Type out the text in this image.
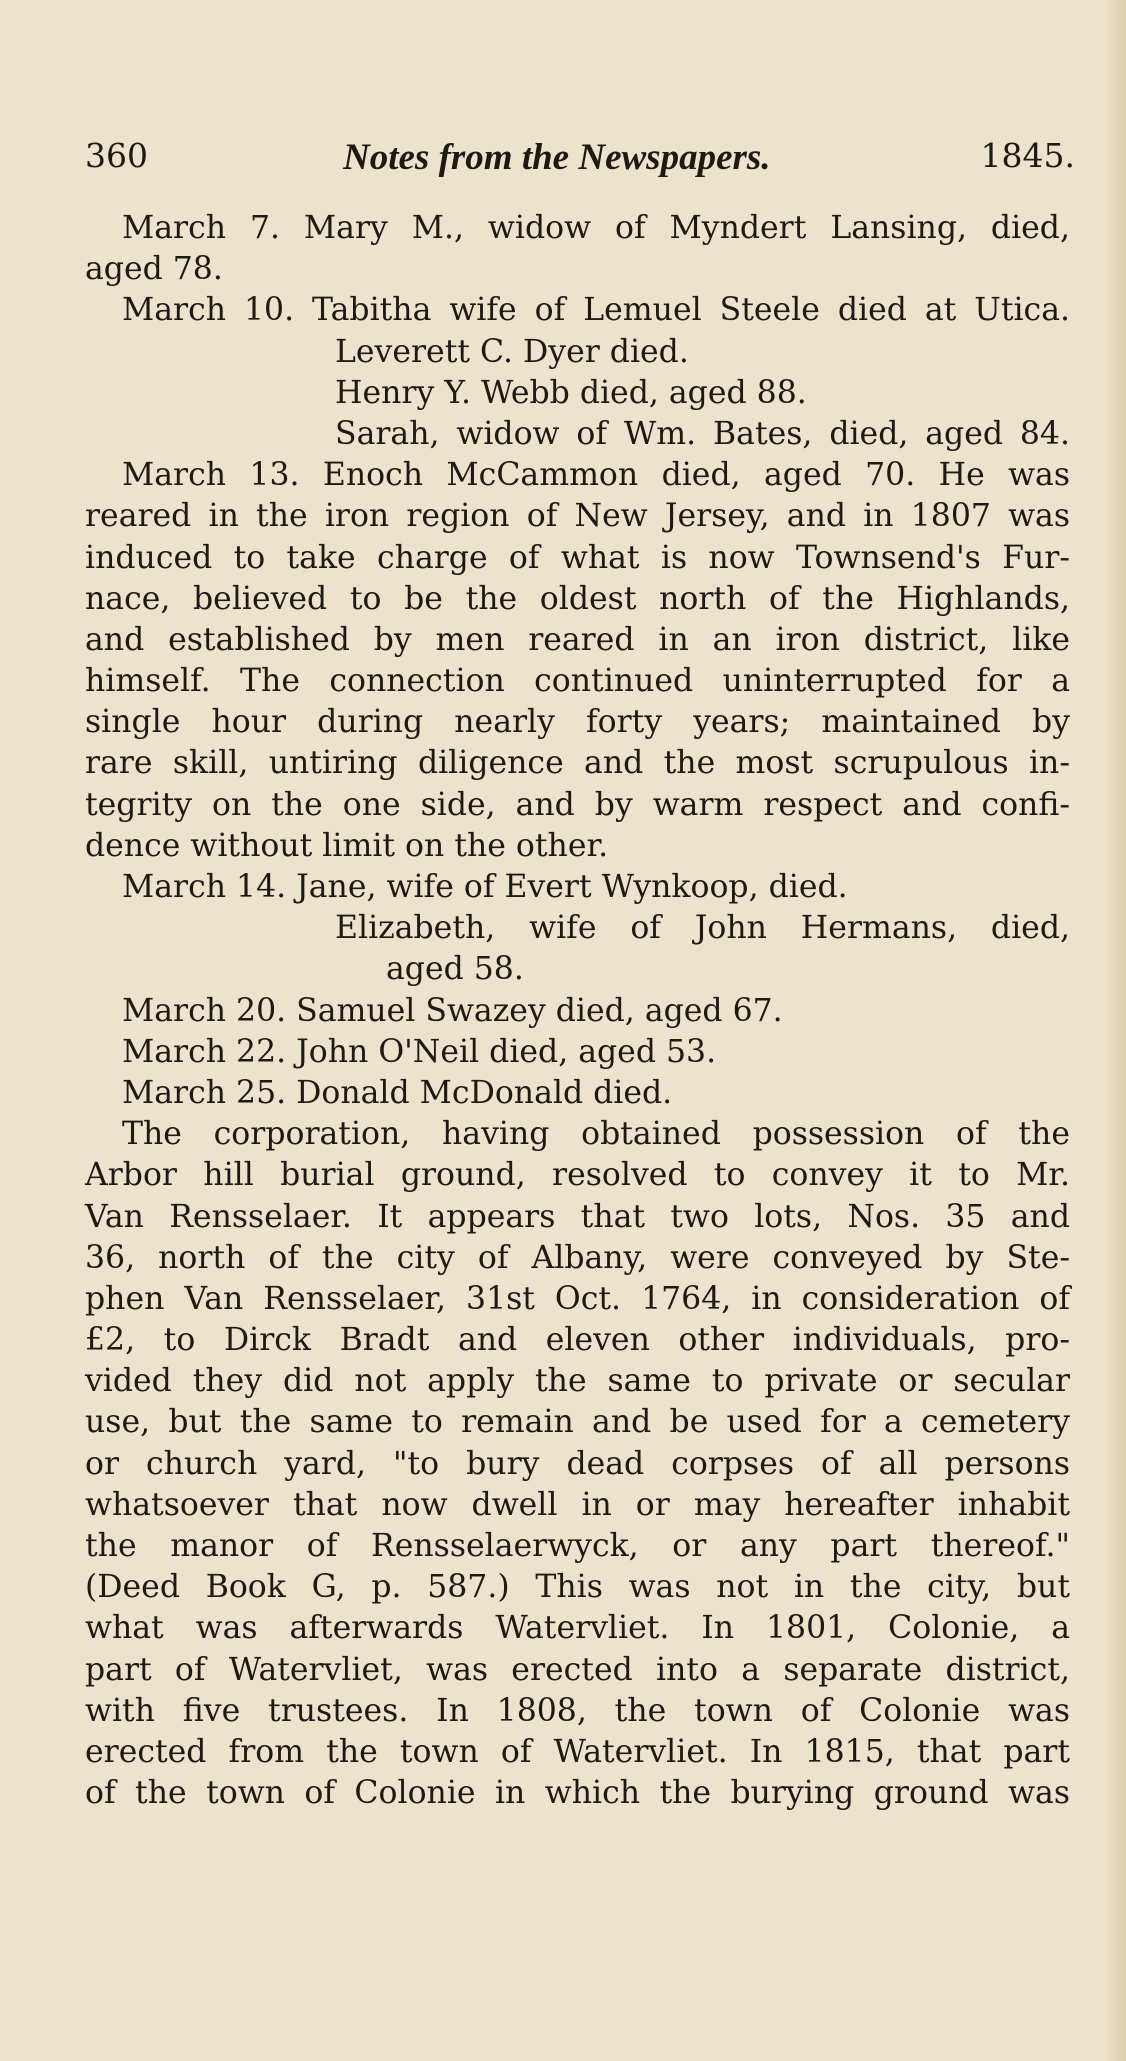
360	Notes from the Newspapers.	1845.
March 7. Mary M., widow of Myndert Lansing, died,
aged 78.
March 10. Tabitha wife of Lemuel Steele died at Utica.
Leverett C. Dyer died.
Henry Y. Webb died, aged 88.
Sarah, widow of Wm. Bates, died, aged 84.
March 13. Enoch McCammon died, aged 70. He was
reared in the iron region of New Jersey, and in 1807 was
induced to take charge of what is now Townsend's Fur-
nace, believed to be the oldest north of the Highlands,
and established by men reared in an iron district, like
himself. The connection continued uninterrupted for a
single hour during nearly forty years; maintained by
rare skill, untiring diligence and the most scrupulous in-
tegrity on the one side, and by warm respect and confi-
dence without limit on the other.
March 14. Jane, wife of Evert Wynkoop, died.
Elizabeth, wife of John Hermans, died,
aged 58.
March 20. Samuel Swazey died, aged 67.
March 22. John O'Neil died, aged 53.
March 25. Donald McDonald died.
The corporation, having obtained possession of the
Arbor hill burial ground, resolved to convey it to Mr.
Van Rensselaer. It appears that two lots, Nos. 35 and
36, north of the city of Albany, were conveyed by Ste-
phen Van Rensselaer, 31st Oct. 1764, in consideration of
£2, to Dirck Bradt and eleven other individuals, pro-
vided they did not apply the same to private or secular
use, but the same to remain and be used for a cemetery
or church yard, "to bury dead corpses of all persons
whatsoever that now dwell in or may hereafter inhabit
the manor of Rensselaerwyck, or any part thereof."
(Deed Book G, p. 587.) This was not in the city, but
what was afterwards Watervliet. In 1801, Colonie, a
part of Watervliet, was erected into a separate district,
with five trustees. In 1808, the town of Colonie was
erected from the town of Watervliet. In 1815, that part
of the town of Colonie in which the burying ground was
